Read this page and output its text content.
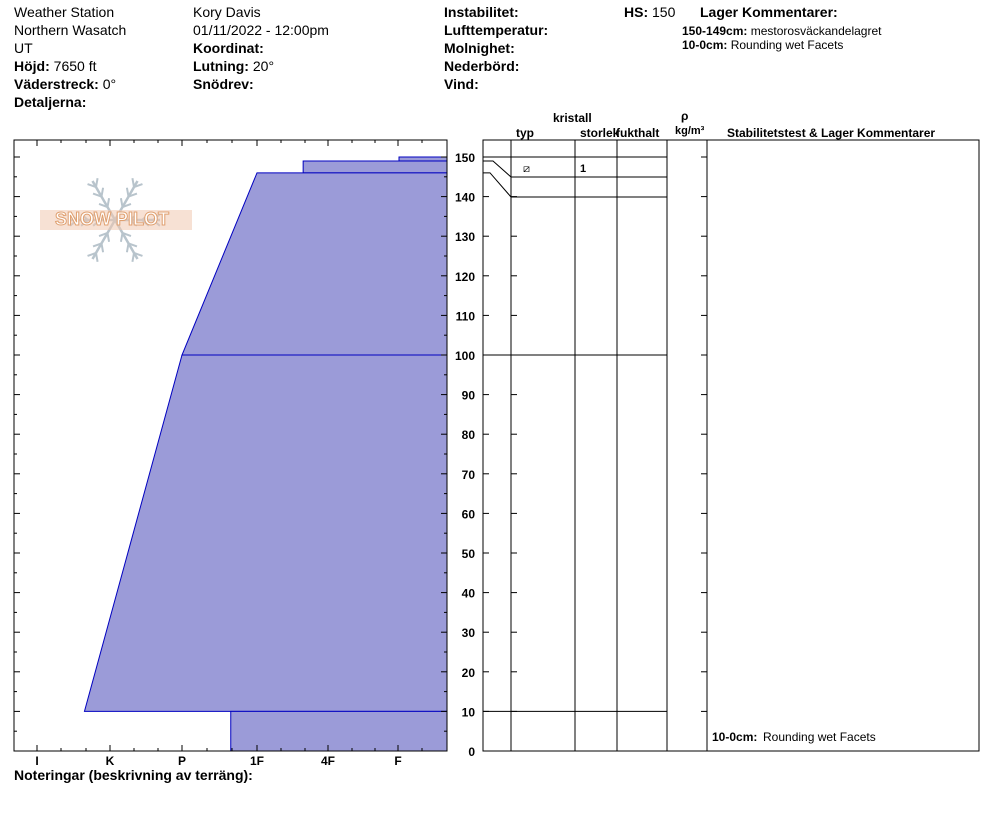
Weather Station
Northern Wasatch
UT
Höjd: 7650 ft
Väderstreck: 0°
Detaljerna:
Kory Davis
01/11/2022 - 12:00pm
Koordinat:
Lutning: 20°
Snödrev:
Instabilitet:
Lufttemperatur:
Molnighet:
Nederbörd:
Vind:
HS: 150 Lager Kommentarer:
150-149cm: mestorosväckandelagret
10-0cm: Rounding wet Facets
kristall
typ	storlek
fukthalt
ρ
kg/m³ Stabilitetstest & Lager Kommentarer
0
10
20
30
40
50
60
70
80
90
100
110
120
130
140
150
I	K	P	1F	4F	F
10-0cm: Rounding wet Facets
1
⧄
SNOW PILOT
Noteringar (beskrivning av terräng):
